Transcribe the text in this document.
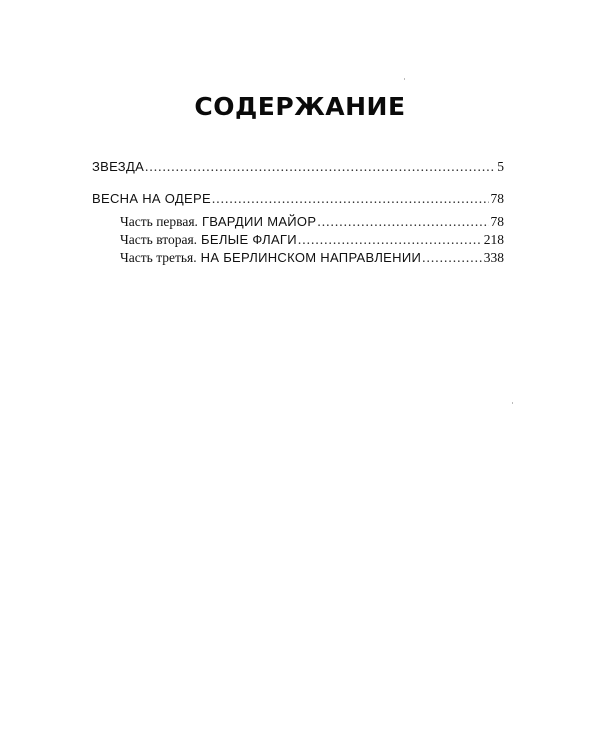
СОДЕРЖАНИЕ
ЗВЕЗДА .....	5
ВЕСНА НА ОДЕРЕ .....	78
Часть первая. ГВАРДИИ МАЙОР .....	78
Часть вторая. БЕЛЫЕ ФЛАГИ .....	218
Часть третья. НА БЕРЛИНСКОМ НАПРАВЛЕНИИ .....	338
